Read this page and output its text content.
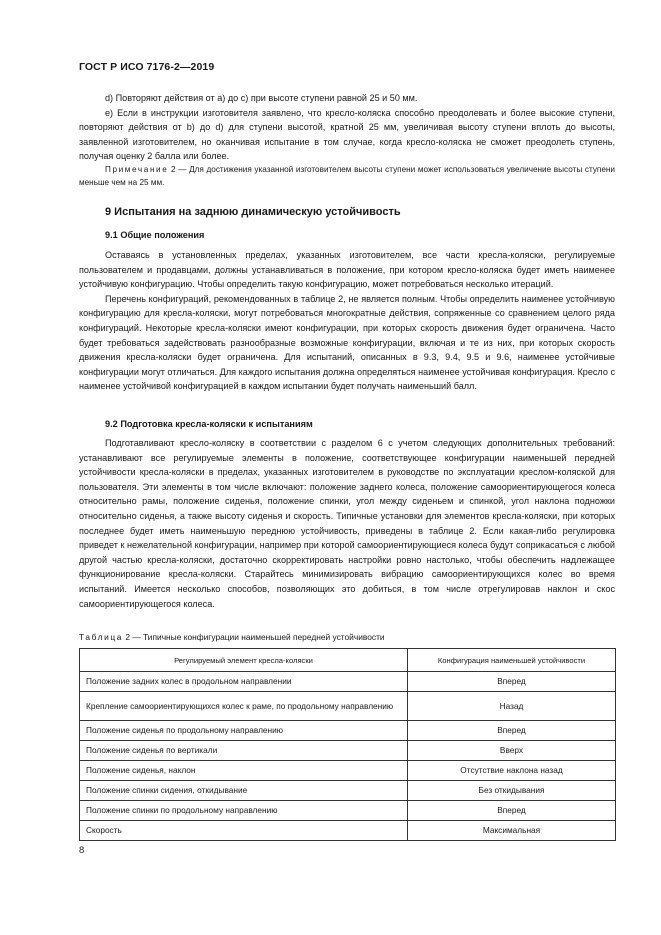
ГОСТ Р ИСО 7176-2—2019

d) Повторяют действия от a) до c) при высоте ступени равной 25 и 50 мм.

e) Если в инструкции изготовителя заявлено, что кресло-коляска способно преодолевать и более высокие ступени, повторяют действия от b) до d) для ступени высотой, кратной 25 мм, увеличивая высоту ступени вплоть до высоты, заявленной изготовителем, но оканчивая испытание в том случае, когда кресло-коляска не сможет преодолеть ступень, получая оценку 2 балла или более.

Примечание 2 — Для достижения указанной изготовителем высоты ступени может использоваться увеличение высоты ступени меньше чем на 25 мм.

9 Испытания на заднюю динамическую устойчивость
9.1 Общие положения

Оставаясь в установленных пределах, указанных изготовителем, все части кресла-коляски, регулируемые пользователем и продавцами, должны устанавливаться в положение, при котором кресло-коляска будет иметь наименее устойчивую конфигурацию. Чтобы определить такую конфигурацию, может потребоваться несколько итераций.

Перечень конфигураций, рекомендованных в таблице 2, не является полным. Чтобы определить наименее устойчивую конфигурацию для кресла-коляски, могут потребоваться многократные действия, сопряженные со сравнением целого ряда конфигураций. Некоторые кресла-коляски имеют конфигурации, при которых скорость движения будет ограничена. Часто будет требоваться задействовать разнообразные возможные конфигурации, включая и те из них, при которых скорость движения кресла-коляски будет ограничена. Для испытаний, описанных в 9.3, 9.4, 9.5 и 9.6, наименее устойчивые конфигурации могут отличаться. Для каждого испытания должна определяться наименее устойчивая конфигурация. Кресло с наименее устойчивой конфигурацией в каждом испытании будет получать наименьший балл.

9.2 Подготовка кресла-коляски к испытаниям

Подготавливают кресло-коляску в соответствии с разделом 6 с учетом следующих дополнительных требований: устанавливают все регулируемые элементы в положение, соответствующее конфигурации наименьшей передней устойчивости кресла-коляски в пределах, указанных изготовителем в руководстве по эксплуатации креслом-коляской для пользователя. Эти элементы в том числе включают: положение заднего колеса, положение самоориентирующегося колеса относительно рамы, положение сиденья, положение спинки, угол между сиденьем и спинкой, угол наклона подножки относительно сиденья, а также высоту сиденья и скорость. Типичные установки для элементов кресла-коляски, при которых последнее будет иметь наименьшую переднюю устойчивость, приведены в таблице 2. Если какая-либо регулировка приведет к нежелательной конфигурации, например при которой самоориентирующиеся колеса будут соприкасаться с любой другой частью кресла-коляски, достаточно скорректировать настройки ровно настолько, чтобы обеспечить надлежащее функционирование кресла-коляски. Старайтесь минимизировать вибрацию самоориентирующихся колес во время испытаний. Имеется несколько способов, позволяющих это добиться, в том числе отрегулировав наклон и скос самоориентирующегося колеса.

Таблица 2 — Типичные конфигурации наименьшей передней устойчивости
Регулируемый элемент кресла-коляски	Конфигурация наименьшей устойчивости
Положение задних колес в продольном направлении	Вперед
Крепление самоориентирующихся колес к раме, по продольному направлению	Назад
Положение сиденья по продольному направлению	Вперед
Положение сиденья по вертикали	Вверх
Положение сиденья, наклон	Отсутствие наклона назад
Положение спинки сидения, откидывание	Без откидывания
Положение спинки по продольному направлению	Вперед
Скорость	Максимальная
8
